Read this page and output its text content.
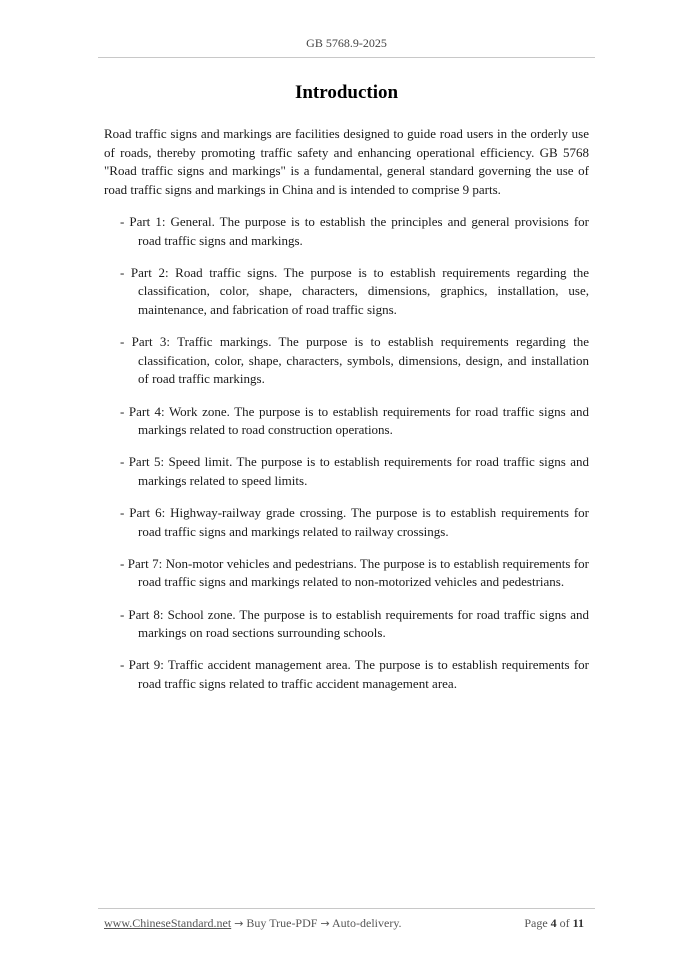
GB 5768.9-2025
Introduction

Road traffic signs and markings are facilities designed to guide road users in the orderly use of roads, thereby promoting traffic safety and enhancing operational efficiency. GB 5768 "Road traffic signs and markings" is a fundamental, general standard governing the use of road traffic signs and markings in China and is intended to comprise 9 parts.

- Part 1: General. The purpose is to establish the principles and general provisions for road traffic signs and markings.

- Part 2: Road traffic signs. The purpose is to establish requirements regarding the classification, color, shape, characters, dimensions, graphics, installation, use, maintenance, and fabrication of road traffic signs.

- Part 3: Traffic markings. The purpose is to establish requirements regarding the classification, color, shape, characters, symbols, dimensions, design, and installation of road traffic markings.

- Part 4: Work zone. The purpose is to establish requirements for road traffic signs and markings related to road construction operations.

- Part 5: Speed limit. The purpose is to establish requirements for road traffic signs and markings related to speed limits.

- Part 6: Highway-railway grade crossing. The purpose is to establish requirements for road traffic signs and markings related to railway crossings.

- Part 7: Non-motor vehicles and pedestrians. The purpose is to establish requirements for road traffic signs and markings related to non-motorized vehicles and pedestrians.

- Part 8: School zone. The purpose is to establish requirements for road traffic signs and markings on road sections surrounding schools.

- Part 9: Traffic accident management area. The purpose is to establish requirements for road traffic signs related to traffic accident management area.

www.ChineseStandard.net → Buy True-PDF → Auto-delivery.	Page 4 of 11
